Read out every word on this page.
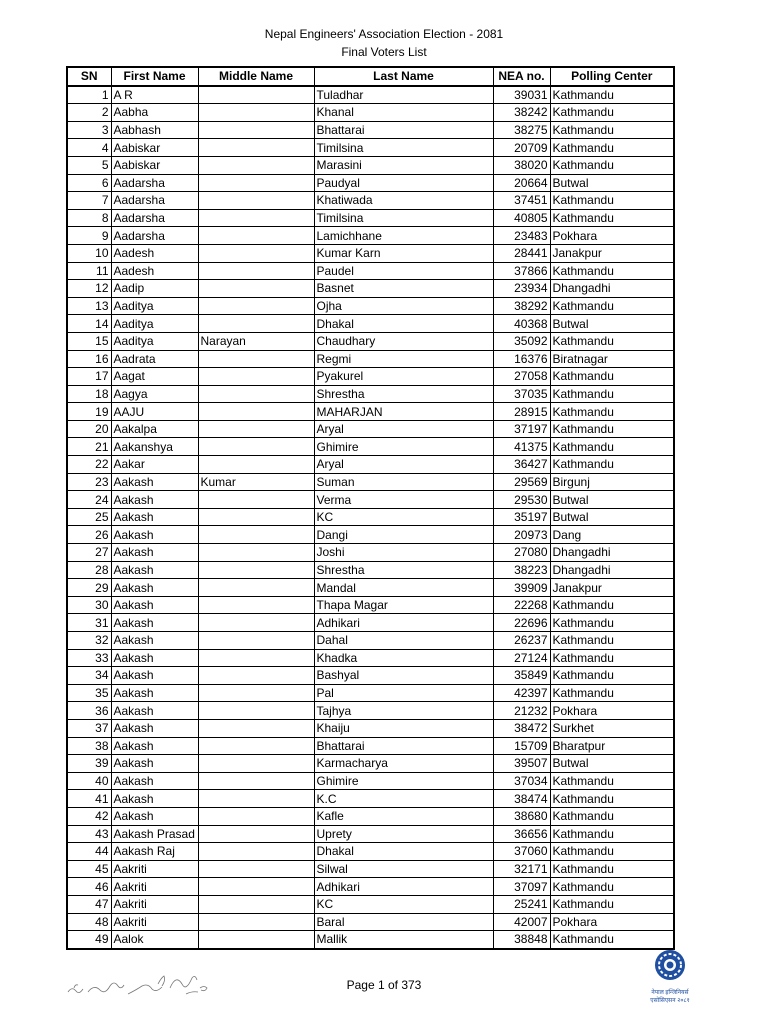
Nepal Engineers' Association Election - 2081
Final Voters List
SN	First Name	Middle Name	Last Name	NEA no.	Polling Center
1	A R		Tuladhar	39031	Kathmandu
2	Aabha		Khanal	38242	Kathmandu
3	Aabhash		Bhattarai	38275	Kathmandu
4	Aabiskar		Timilsina	20709	Kathmandu
5	Aabiskar		Marasini	38020	Kathmandu
6	Aadarsha		Paudyal	20664	Butwal
7	Aadarsha		Khatiwada	37451	Kathmandu
8	Aadarsha		Timilsina	40805	Kathmandu
9	Aadarsha		Lamichhane	23483	Pokhara
10	Aadesh		Kumar Karn	28441	Janakpur
11	Aadesh		Paudel	37866	Kathmandu
12	Aadip		Basnet	23934	Dhangadhi
13	Aaditya		Ojha	38292	Kathmandu
14	Aaditya		Dhakal	40368	Butwal
15	Aaditya	Narayan	Chaudhary	35092	Kathmandu
16	Aadrata		Regmi	16376	Biratnagar
17	Aagat		Pyakurel	27058	Kathmandu
18	Aagya		Shrestha	37035	Kathmandu
19	AAJU		MAHARJAN	28915	Kathmandu
20	Aakalpa		Aryal	37197	Kathmandu
21	Aakanshya		Ghimire	41375	Kathmandu
22	Aakar		Aryal	36427	Kathmandu
23	Aakash	Kumar	Suman	29569	Birgunj
24	Aakash		Verma	29530	Butwal
25	Aakash		KC	35197	Butwal
26	Aakash		Dangi	20973	Dang
27	Aakash		Joshi	27080	Dhangadhi
28	Aakash		Shrestha	38223	Dhangadhi
29	Aakash		Mandal	39909	Janakpur
30	Aakash		Thapa Magar	22268	Kathmandu
31	Aakash		Adhikari	22696	Kathmandu
32	Aakash		Dahal	26237	Kathmandu
33	Aakash		Khadka	27124	Kathmandu
34	Aakash		Bashyal	35849	Kathmandu
35	Aakash		Pal	42397	Kathmandu
36	Aakash		Tajhya	21232	Pokhara
37	Aakash		Khaiju	38472	Surkhet
38	Aakash		Bhattarai	15709	Bharatpur
39	Aakash		Karmacharya	39507	Butwal
40	Aakash		Ghimire	37034	Kathmandu
41	Aakash		K.C	38474	Kathmandu
42	Aakash		Kafle	38680	Kathmandu
43	Aakash Prasad		Uprety	36656	Kathmandu
44	Aakash Raj		Dhakal	37060	Kathmandu
45	Aakriti		Silwal	32171	Kathmandu
46	Aakriti		Adhikari	37097	Kathmandu
47	Aakriti		KC	25241	Kathmandu
48	Aakriti		Baral	42007	Pokhara
49	Aalok		Mallik	38848	Kathmandu
Page 1 of 373
नेपाल इन्जिनियर्स एसोसिएसन २०८१
